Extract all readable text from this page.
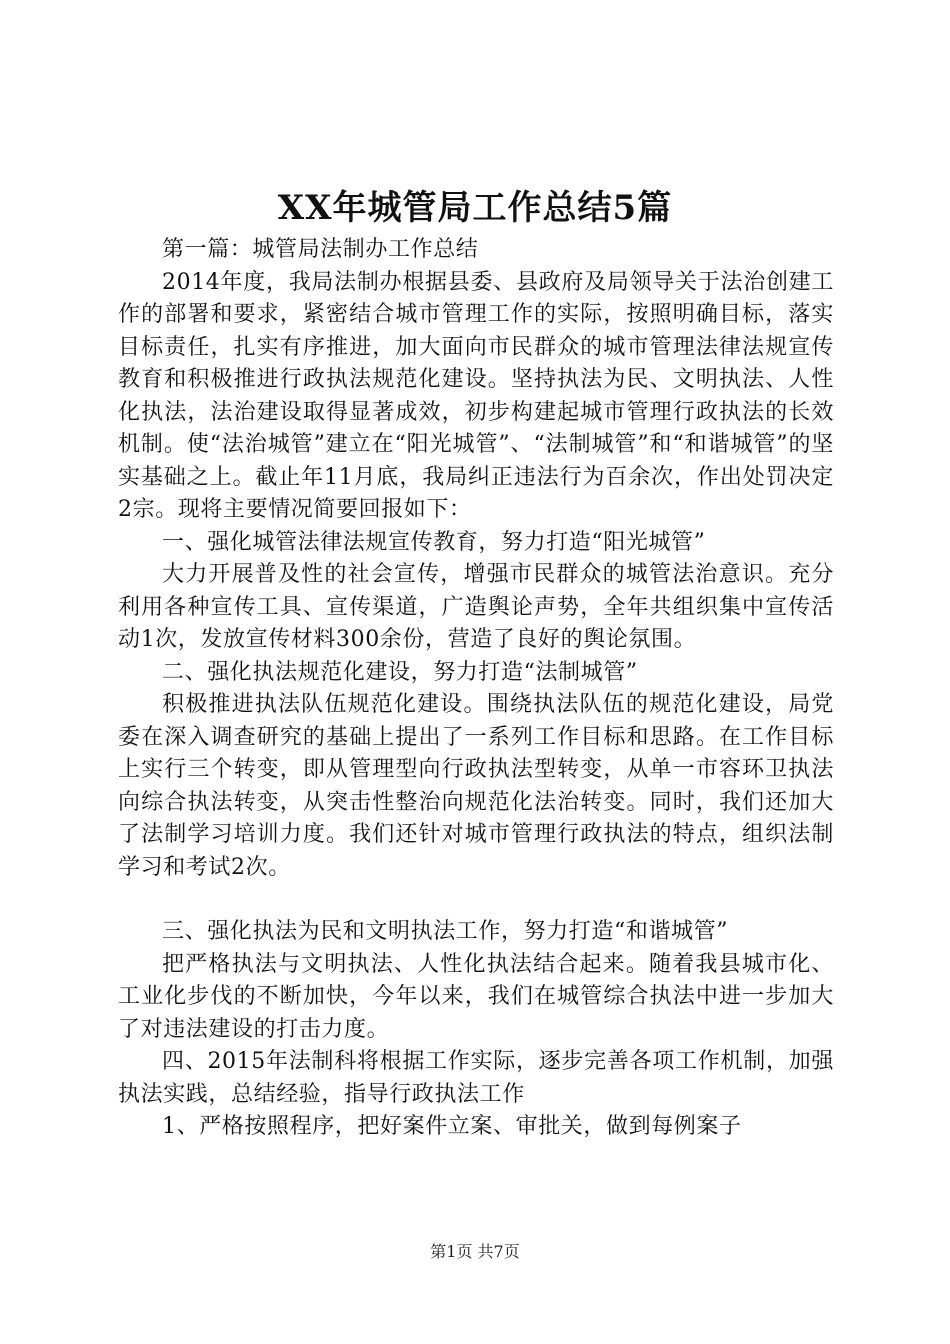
XX年城管局工作总结5篇

第一篇：城管局法制办工作总结

2014年度，我局法制办根据县委、县政府及局领导关于法治创建工作的部署和要求，紧密结合城市管理工作的实际，按照明确目标，落实目标责任，扎实有序推进，加大面向市民群众的城市管理法律法规宣传教育和积极推进行政执法规范化建设。坚持执法为民、文明执法、人性化执法，法治建设取得显著成效，初步构建起城市管理行政执法的长效机制。使“法治城管”建立在“阳光城管”、“法制城管”和“和谐城管”的坚实基础之上。截止年11月底，我局纠正违法行为百余次，作出处罚决定2宗。现将主要情况简要回报如下：

一、强化城管法律法规宣传教育，努力打造“阳光城管”

大力开展普及性的社会宣传，增强市民群众的城管法治意识。充分利用各种宣传工具、宣传渠道，广造舆论声势，全年共组织集中宣传活动1次，发放宣传材料300余份，营造了良好的舆论氛围。

二、强化执法规范化建设，努力打造“法制城管”

积极推进执法队伍规范化建设。围绕执法队伍的规范化建设，局党委在深入调查研究的基础上提出了一系列工作目标和思路。在工作目标上实行三个转变，即从管理型向行政执法型转变，从单一市容环卫执法向综合执法转变，从突击性整治向规范化法治转变。同时，我们还加大了法制学习培训力度。我们还针对城市管理行政执法的特点，组织法制学习和考试2次。

三、强化执法为民和文明执法工作，努力打造“和谐城管”

把严格执法与文明执法、人性化执法结合起来。随着我县城市化、工业化步伐的不断加快，今年以来，我们在城管综合执法中进一步加大了对违法建设的打击力度。

四、2015年法制科将根据工作实际，逐步完善各项工作机制，加强执法实践，总结经验，指导行政执法工作

1、严格按照程序，把好案件立案、审批关，做到每例案子

第1页 共7页
